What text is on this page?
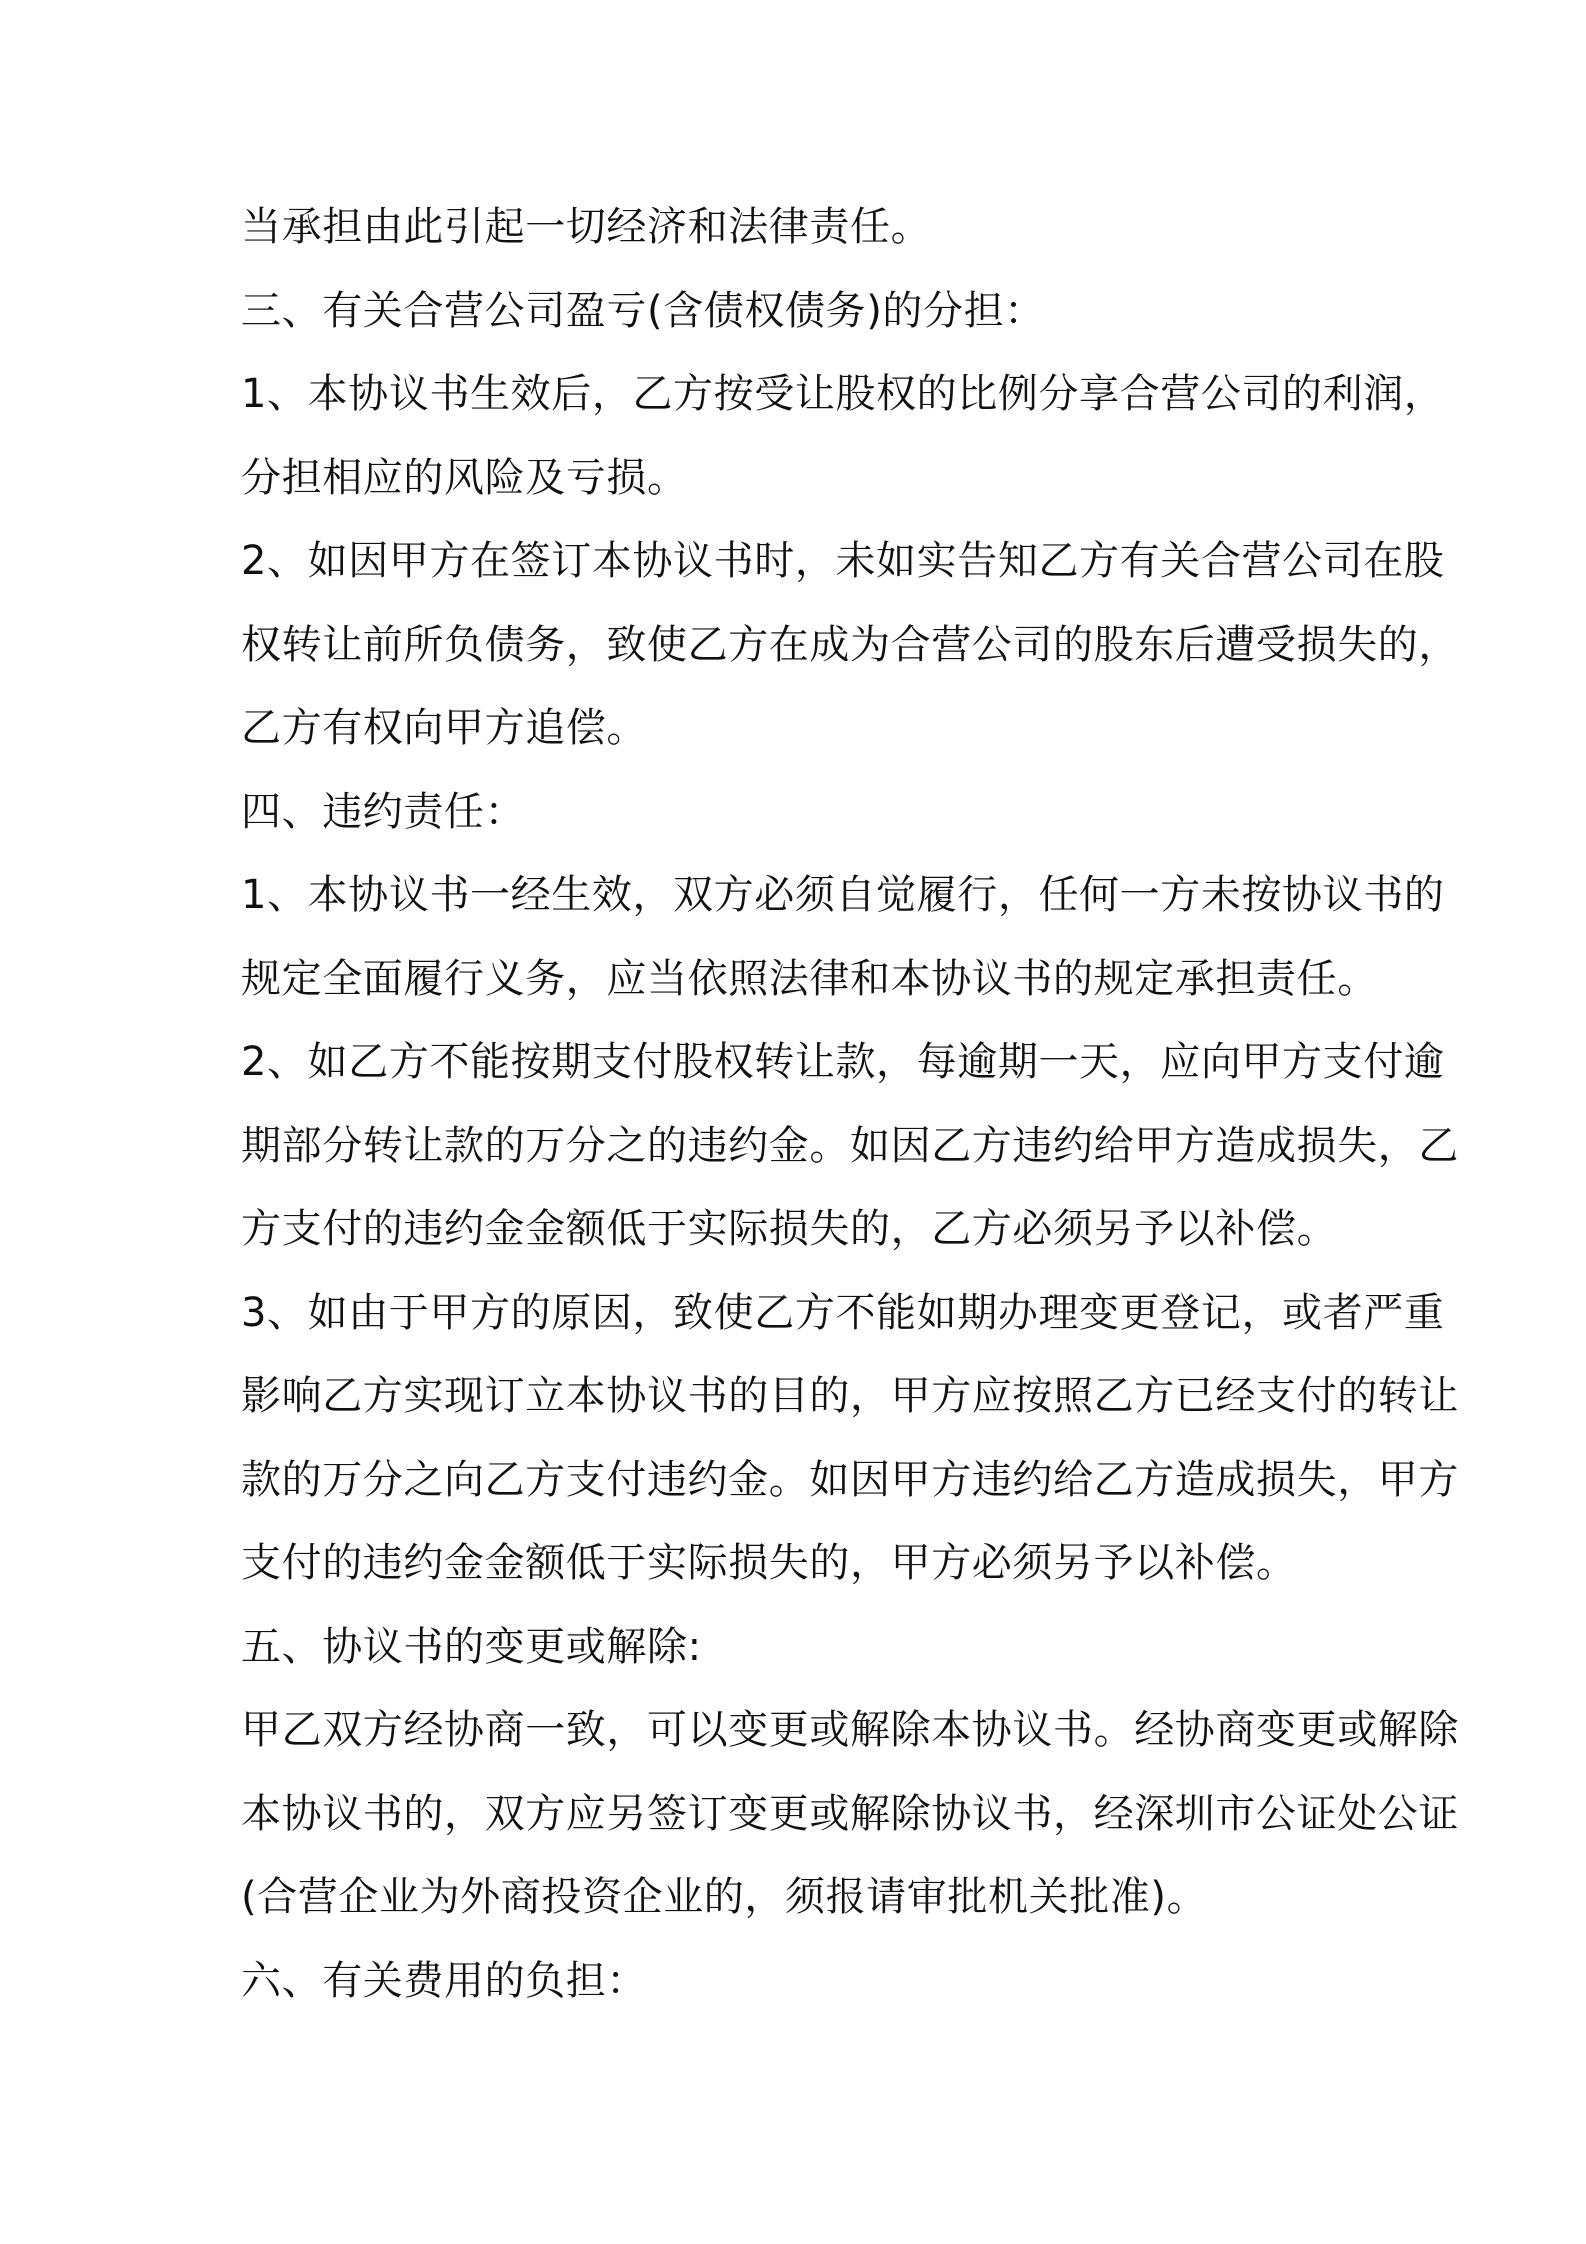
当承担由此引起一切经济和法律责任。
三、有关合营公司盈亏(含债权债务)的分担：
1、本协议书生效后，乙方按受让股权的比例分享合营公司的利润，
分担相应的风险及亏损。
2、如因甲方在签订本协议书时，未如实告知乙方有关合营公司在股
权转让前所负债务，致使乙方在成为合营公司的股东后遭受损失的，
乙方有权向甲方追偿。
四、违约责任：
1、本协议书一经生效，双方必须自觉履行，任何一方未按协议书的
规定全面履行义务，应当依照法律和本协议书的规定承担责任。
2、如乙方不能按期支付股权转让款，每逾期一天，应向甲方支付逾
期部分转让款的万分之的违约金。如因乙方违约给甲方造成损失，乙
方支付的违约金金额低于实际损失的，乙方必须另予以补偿。
3、如由于甲方的原因，致使乙方不能如期办理变更登记，或者严重
影响乙方实现订立本协议书的目的，甲方应按照乙方已经支付的转让
款的万分之向乙方支付违约金。如因甲方违约给乙方造成损失，甲方
支付的违约金金额低于实际损失的，甲方必须另予以补偿。
五、协议书的变更或解除:
甲乙双方经协商一致，可以变更或解除本协议书。经协商变更或解除
本协议书的，双方应另签订变更或解除协议书，经深圳市公证处公证
(合营企业为外商投资企业的，须报请审批机关批准)。
六、有关费用的负担：
